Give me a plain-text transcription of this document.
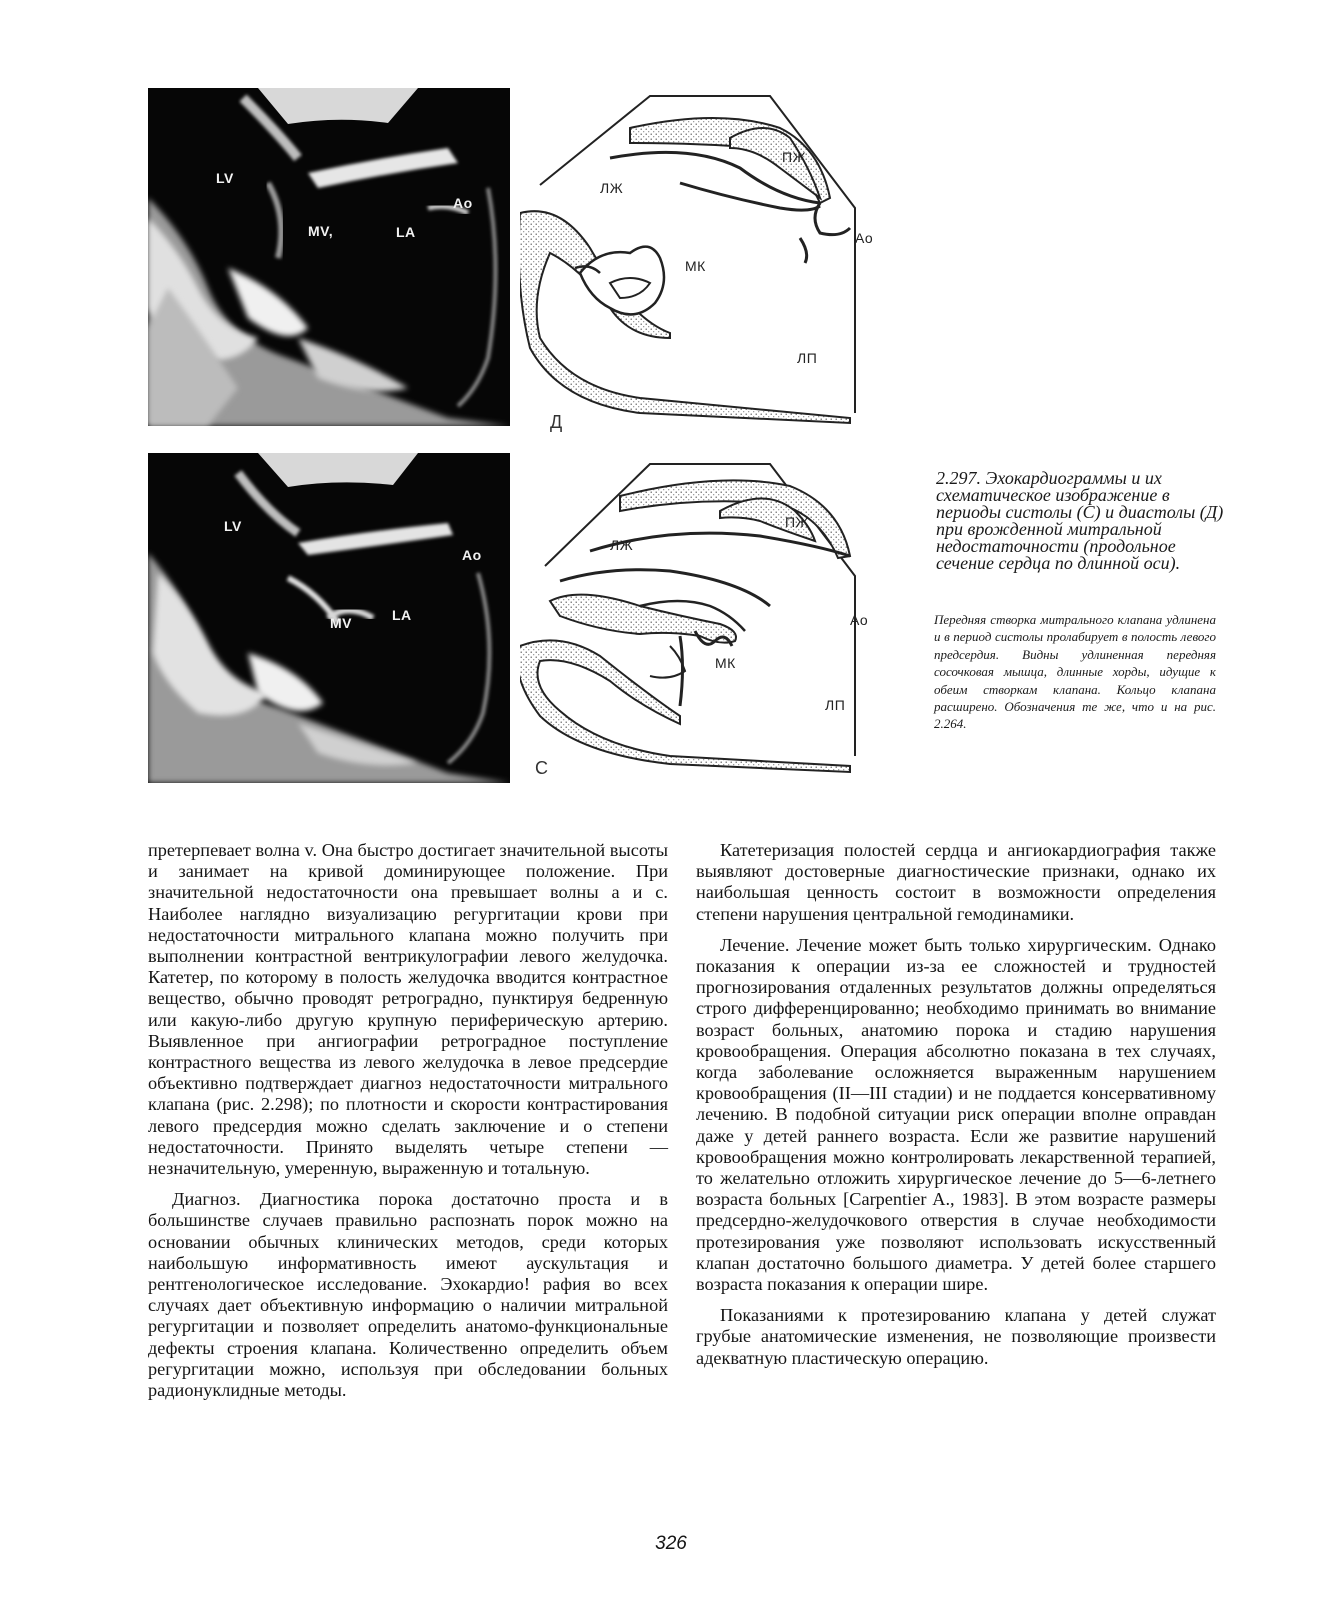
LV
MV,	LA
Ao
ЛЖ
ПЖ
Ао
МК
ЛП
Д
LV
MV	LA
Ao
ЛЖ
ПЖ
Ао
МК
ЛП
С
2.297. Эхокардиограммы и их схематическое изображение в периоды систолы (С) и диастолы (Д) при врожденной митральной недостаточности (продольное сечение сердца по длинной оси).
Передняя створка митрального клапана удлинена и в период систолы пролабирует в полость левого предсердия. Видны удлиненная передняя сосочковая мышца, длинные хорды, идущие к обеим створкам клапана. Кольцо клапана расширено. Обозначения те же, что и на рис. 2.264.

претерпевает волна v. Она быстро достигает значительной высоты и занимает на кривой доминирующее положение. При значительной недостаточности она превышает волны a и c. Наиболее наглядно визуализацию регургитации крови при недостаточности митрального клапана можно получить при выполнении контрастной вентрикулографии левого желудочка. Катетер, по которому в полость желудочка вводится контрастное вещество, обычно проводят ретроградно, пунктируя бедренную или какую-либо другую крупную периферическую артерию. Выявленное при ангиографии ретроградное поступление контрастного вещества из левого желудочка в левое предсердие объективно подтверждает диагноз недостаточности митрального клапана (рис. 2.298); по плотности и скорости контрастирования левого предсердия можно сделать заключение и о степени недостаточности. Принято выделять четыре степени — незначительную, умеренную, выраженную и тотальную.

Диагноз. Диагностика порока достаточно проста и в большинстве случаев правильно распознать порок можно на основании обычных клинических методов, среди которых наибольшую информативность имеют аускультация и рентгенологическое исследование. Эхокардио! рафия во всех случаях дает объективную информацию о наличии митральной регургитации и позволяет определить анатомо-функциональные дефекты строения клапана. Количественно определить объем регургитации можно, используя при обследовании больных радионуклидные методы.

Катетеризация полостей сердца и ангиокардиография также выявляют достоверные диагностические признаки, однако их наибольшая ценность состоит в возможности определения степени нарушения центральной гемодинамики.

Лечение. Лечение может быть только хирургическим. Однако показания к операции из-за ее сложностей и трудностей прогнозирования отдаленных результатов должны определяться строго дифференцированно; необходимо принимать во внимание возраст больных, анатомию порока и стадию нарушения кровообращения. Операция абсолютно показана в тех случаях, когда заболевание осложняется выраженным нарушением кровообращения (II—III стадии) и не поддается консервативному лечению. В подобной ситуации риск операции вполне оправдан даже у детей раннего возраста. Если же развитие нарушений кровообращения можно контролировать лекарственной терапией, то желательно отложить хирургическое лечение до 5—6-летнего возраста больных [Carpentier A., 1983]. В этом возрасте размеры предсердно-желудочкового отверстия в случае необходимости протезирования уже позволяют использовать искусственный клапан достаточно большого диаметра. У детей более старшего возраста показания к операции шире.

Показаниями к протезированию клапана у детей служат грубые анатомические изменения, не позволяющие произвести адекватную пластическую операцию.

326
